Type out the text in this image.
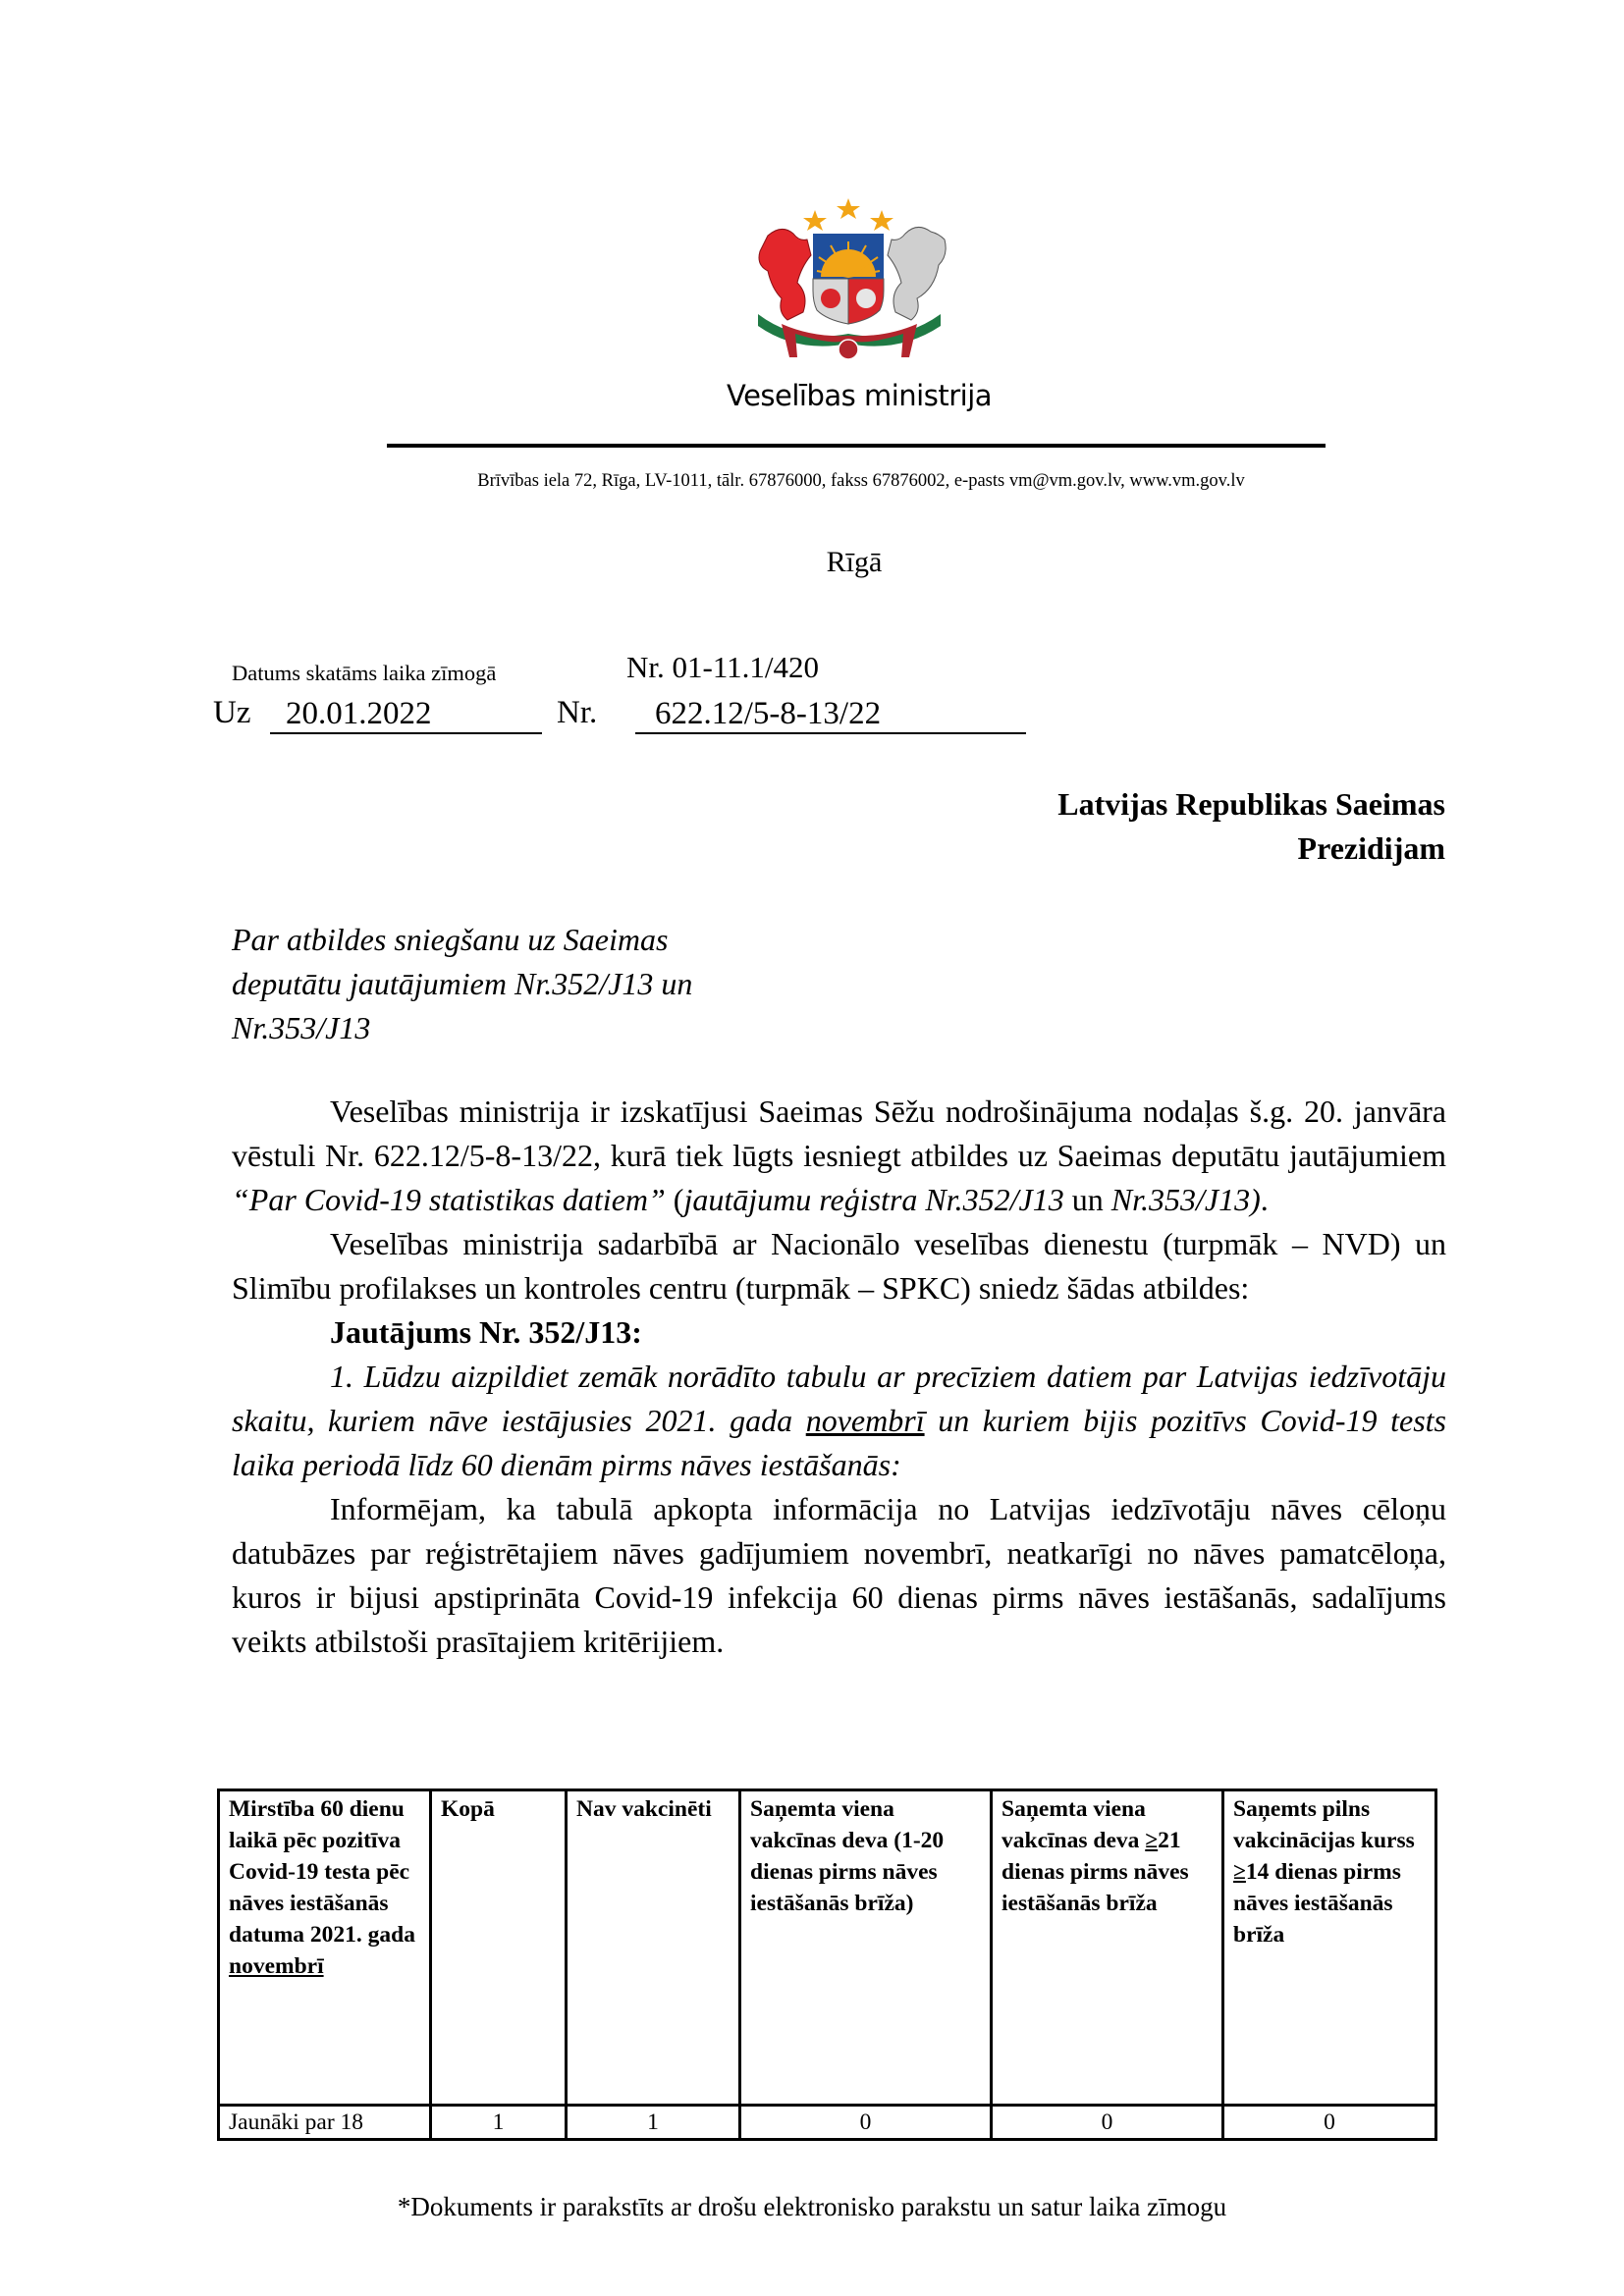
Veselības ministrija
Brīvības iela 72, Rīga, LV-1011, tālr. 67876000, fakss 67876002, e-pasts vm@vm.gov.lv, www.vm.gov.lv
Rīgā
Datums skatāms laika zīmogā	Nr. 01-11.1/420
Uz	20.01.2022	Nr.	622.12/5-8-13/22
Latvijas Republikas Saeimas
Prezidijam
Par atbildes sniegšanu uz Saeimas
deputātu jautājumiem Nr.352/J13 un
Nr.353/J13

Veselības ministrija ir izskatījusi Saeimas Sēžu nodrošinājuma nodaļas š.g. 20. janvāra vēstuli Nr. 622.12/5-8-13/22, kurā tiek lūgts iesniegt atbildes uz Saeimas deputātu jautājumiem “Par Covid-19 statistikas datiem” (jautājumu reģistra Nr.352/J13 un Nr.353/J13).

Veselības ministrija sadarbībā ar Nacionālo veselības dienestu (turpmāk – NVD) un Slimību profilakses un kontroles centru (turpmāk – SPKC) sniedz šādas atbildes:

Jautājums Nr. 352/J13:

1. Lūdzu aizpildiet zemāk norādīto tabulu ar precīziem datiem par Latvijas iedzīvotāju skaitu, kuriem nāve iestājusies 2021. gada novembrī un kuriem bijis pozitīvs Covid-19 tests laika periodā līdz 60 dienām pirms nāves iestāšanās:

Informējam, ka tabulā apkopta informācija no Latvijas iedzīvotāju nāves cēloņu datubāzes par reģistrētajiem nāves gadījumiem novembrī, neatkarīgi no nāves pamatcēloņa, kuros ir bijusi apstiprināta Covid-19 infekcija 60 dienas pirms nāves iestāšanās, sadalījums veikts atbilstoši prasītajiem kritērijiem.

Mirstība 60 dienu laikā pēc pozitīva Covid-19 testa pēc nāves iestāšanās datuma 2021. gada novembrī	Kopā	Nav vakcinēti	Saņemta viena vakcīnas deva (1-20 dienas pirms nāves iestāšanās brīža)	Saņemta viena vakcīnas deva ≥21 dienas pirms nāves iestāšanās brīža	Saņemts pilns vakcinācijas kurss ≥14 dienas pirms nāves iestāšanās brīža
Jaunāki par 18	1	1	0	0	0
*Dokuments ir parakstīts ar drošu elektronisko parakstu un satur laika zīmogu
